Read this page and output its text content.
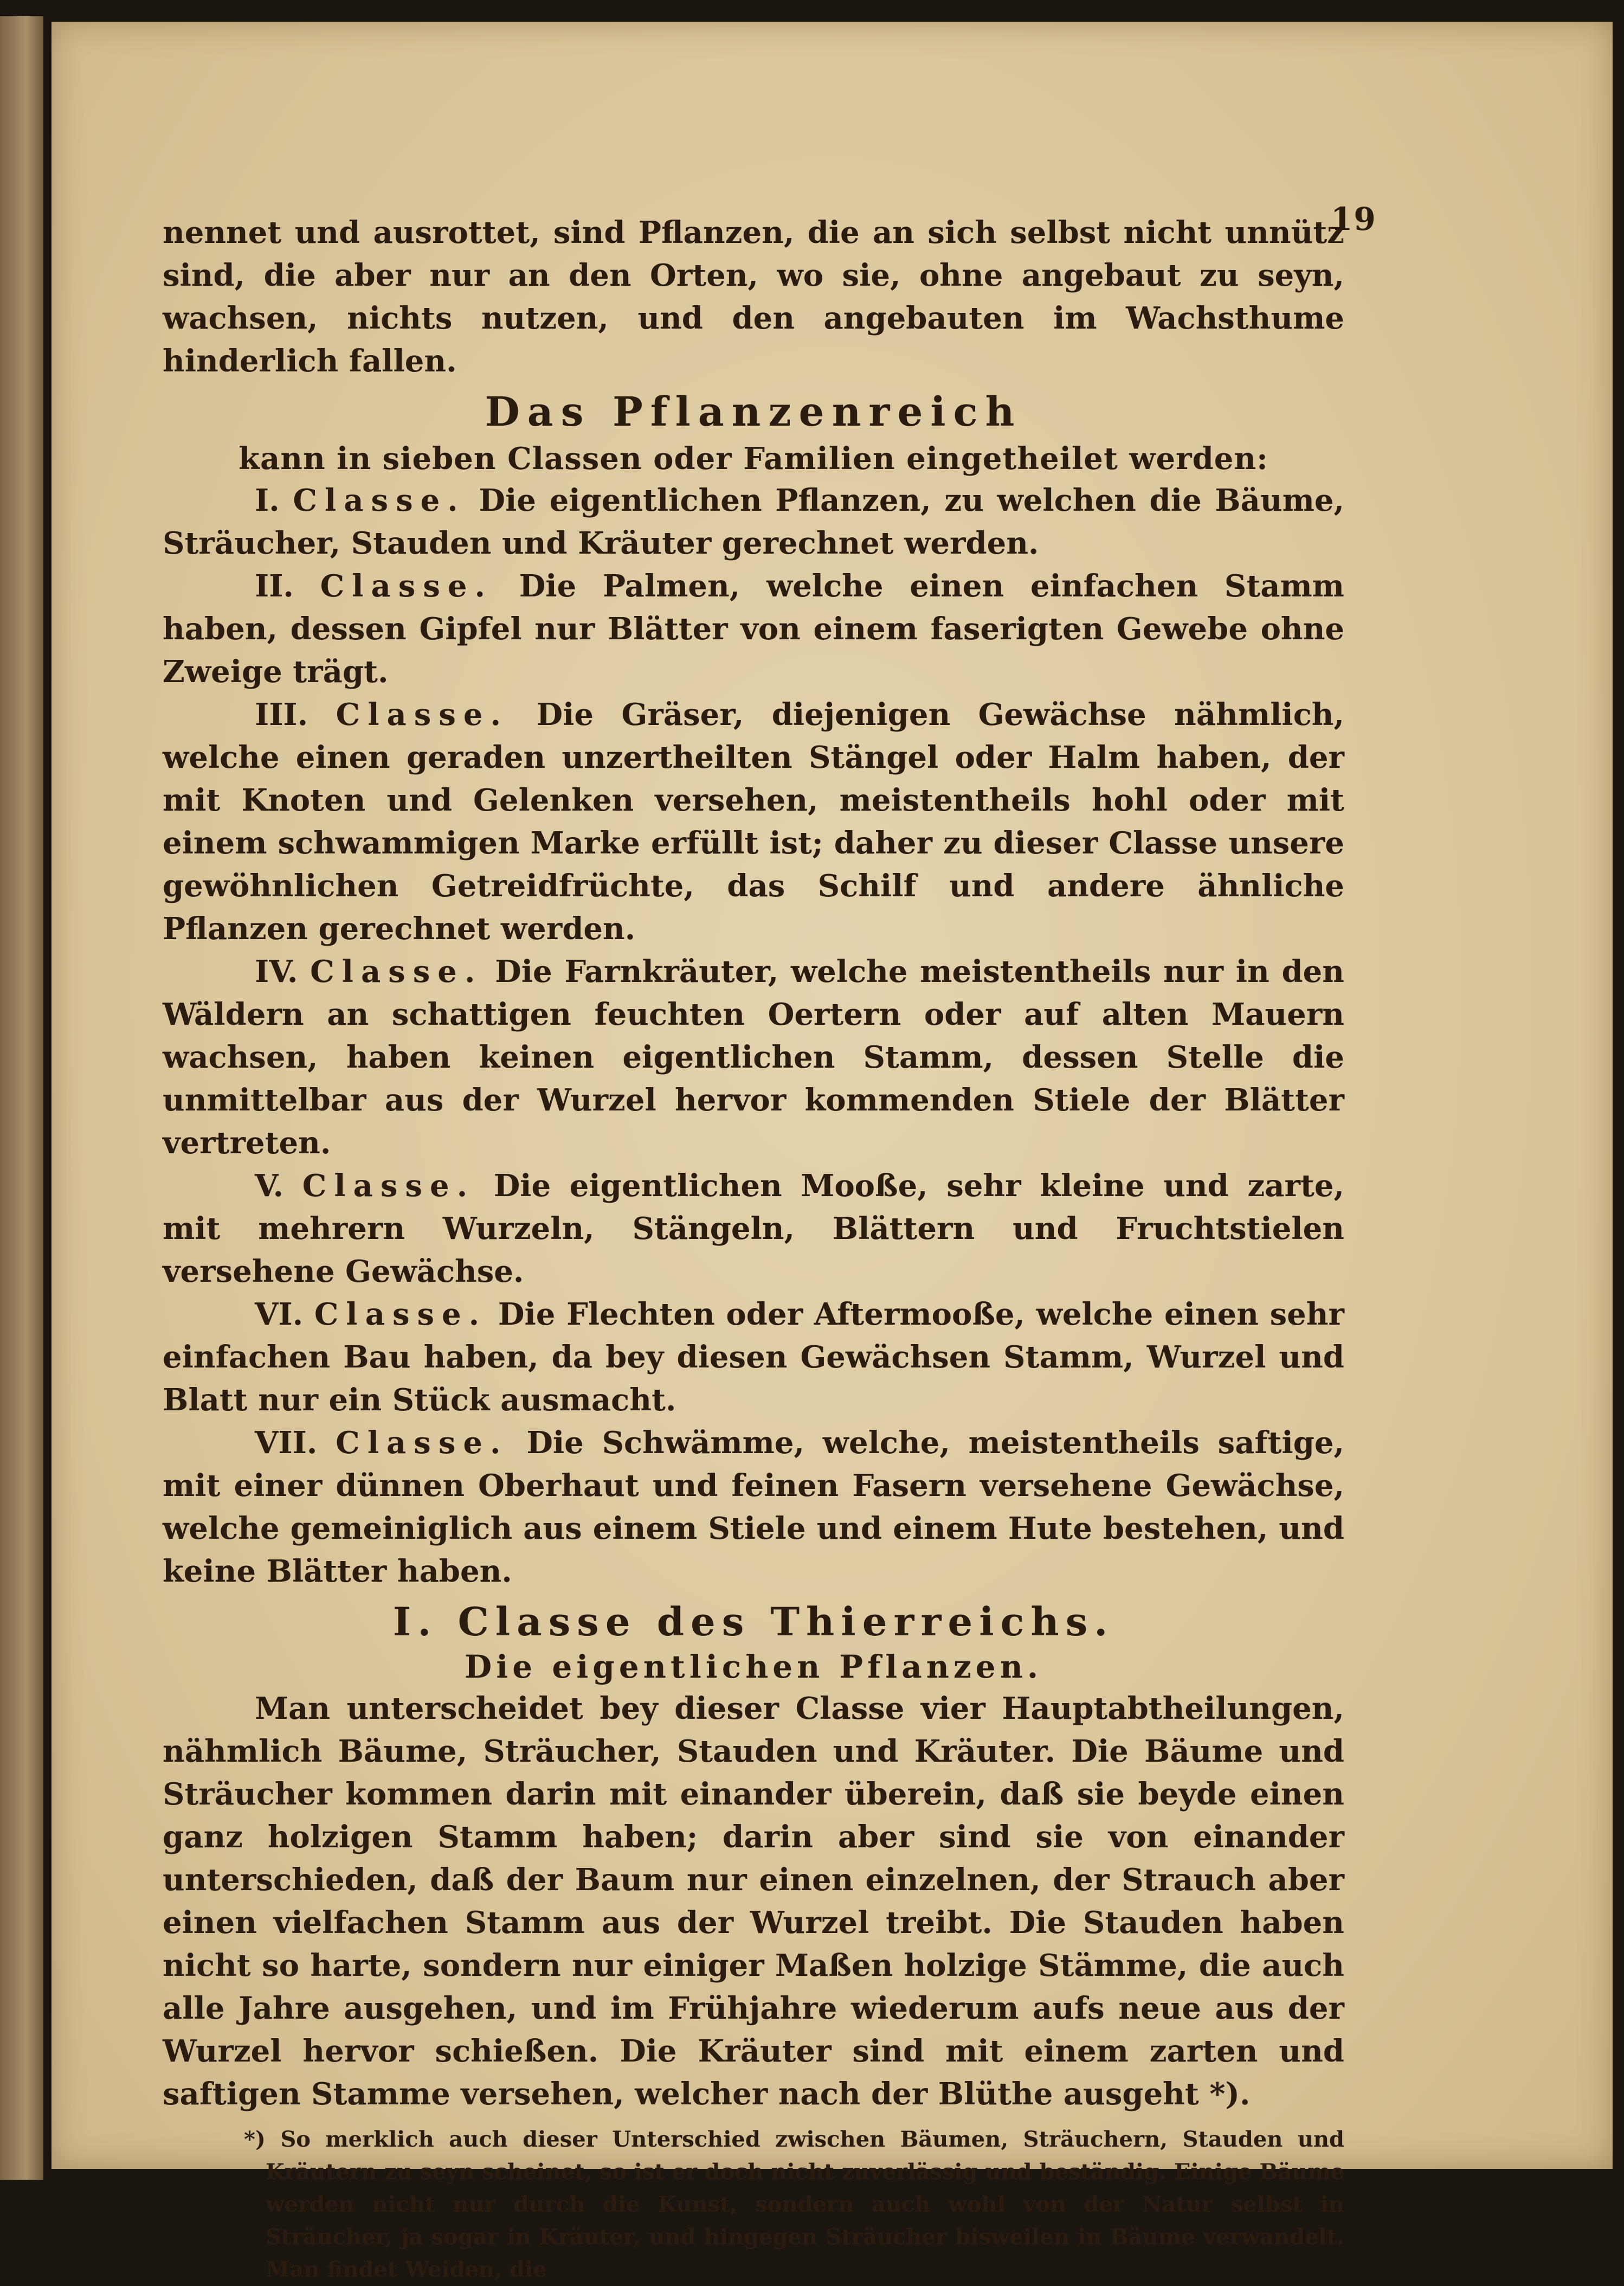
19

nennet und ausrottet, sind Pflanzen, die an sich selbst nicht unnütz sind, die aber nur an den Orten, wo sie, ohne angebaut zu seyn, wachsen, nichts nutzen, und den angebauten im Wachsthume hinderlich fallen.

Das Pflanzenreich
kann in sieben Classen oder Familien eingetheilet werden:

I. Classe. Die eigentlichen Pflanzen, zu welchen die Bäume, Sträucher, Stauden und Kräuter gerechnet werden.

II. Classe. Die Palmen, welche einen einfachen Stamm haben, dessen Gipfel nur Blätter von einem faserigten Gewebe ohne Zweige trägt.

III. Classe. Die Gräser, diejenigen Gewächse nähmlich, welche einen geraden unzertheilten Stängel oder Halm haben, der mit Knoten und Gelenken versehen, meistentheils hohl oder mit einem schwammigen Marke erfüllt ist; daher zu dieser Classe unsere gewöhnlichen Getreidfrüchte, das Schilf und andere ähnliche Pflanzen gerechnet werden.

IV. Classe. Die Farnkräuter, welche meistentheils nur in den Wäldern an schattigen feuchten Oertern oder auf alten Mauern wachsen, haben keinen eigentlichen Stamm, dessen Stelle die unmittelbar aus der Wurzel hervor kommenden Stiele der Blätter vertreten.

V. Classe. Die eigentlichen Mooße, sehr kleine und zarte, mit mehrern Wurzeln, Stängeln, Blättern und Fruchtstielen versehene Gewächse.

VI. Classe. Die Flechten oder Aftermooße, welche einen sehr einfachen Bau haben, da bey diesen Gewächsen Stamm, Wurzel und Blatt nur ein Stück ausmacht.

VII. Classe. Die Schwämme, welche, meistentheils saftige, mit einer dünnen Oberhaut und feinen Fasern versehene Gewächse, welche gemeiniglich aus einem Stiele und einem Hute bestehen, und keine Blätter haben.

I. Classe des Thierreichs.
Die eigentlichen Pflanzen.

Man unterscheidet bey dieser Classe vier Hauptabtheilungen, nähmlich Bäume, Sträucher, Stauden und Kräuter. Die Bäume und Sträucher kommen darin mit einander überein, daß sie beyde einen ganz holzigen Stamm haben; darin aber sind sie von einander unterschieden, daß der Baum nur einen einzelnen, der Strauch aber einen vielfachen Stamm aus der Wurzel treibt. Die Stauden haben nicht so harte, sondern nur einiger Maßen holzige Stämme, die auch alle Jahre ausgehen, und im Frühjahre wiederum aufs neue aus der Wurzel hervor schießen. Die Kräuter sind mit einem zarten und saftigen Stamme versehen, welcher nach der Blüthe ausgeht *).

*) So merklich auch dieser Unterschied zwischen Bäumen, Sträuchern, Stauden und Kräutern zu seyn scheinet, so ist er doch nicht zuverlässig und beständig. Einige Bäume werden nicht nur durch die Kunst, sondern auch wohl von der Natur selbst in Sträucher, ja sogar in Kräuter, und hingegen Sträucher bisweilen in Bäume verwandelt. Man findet Weiden, die
